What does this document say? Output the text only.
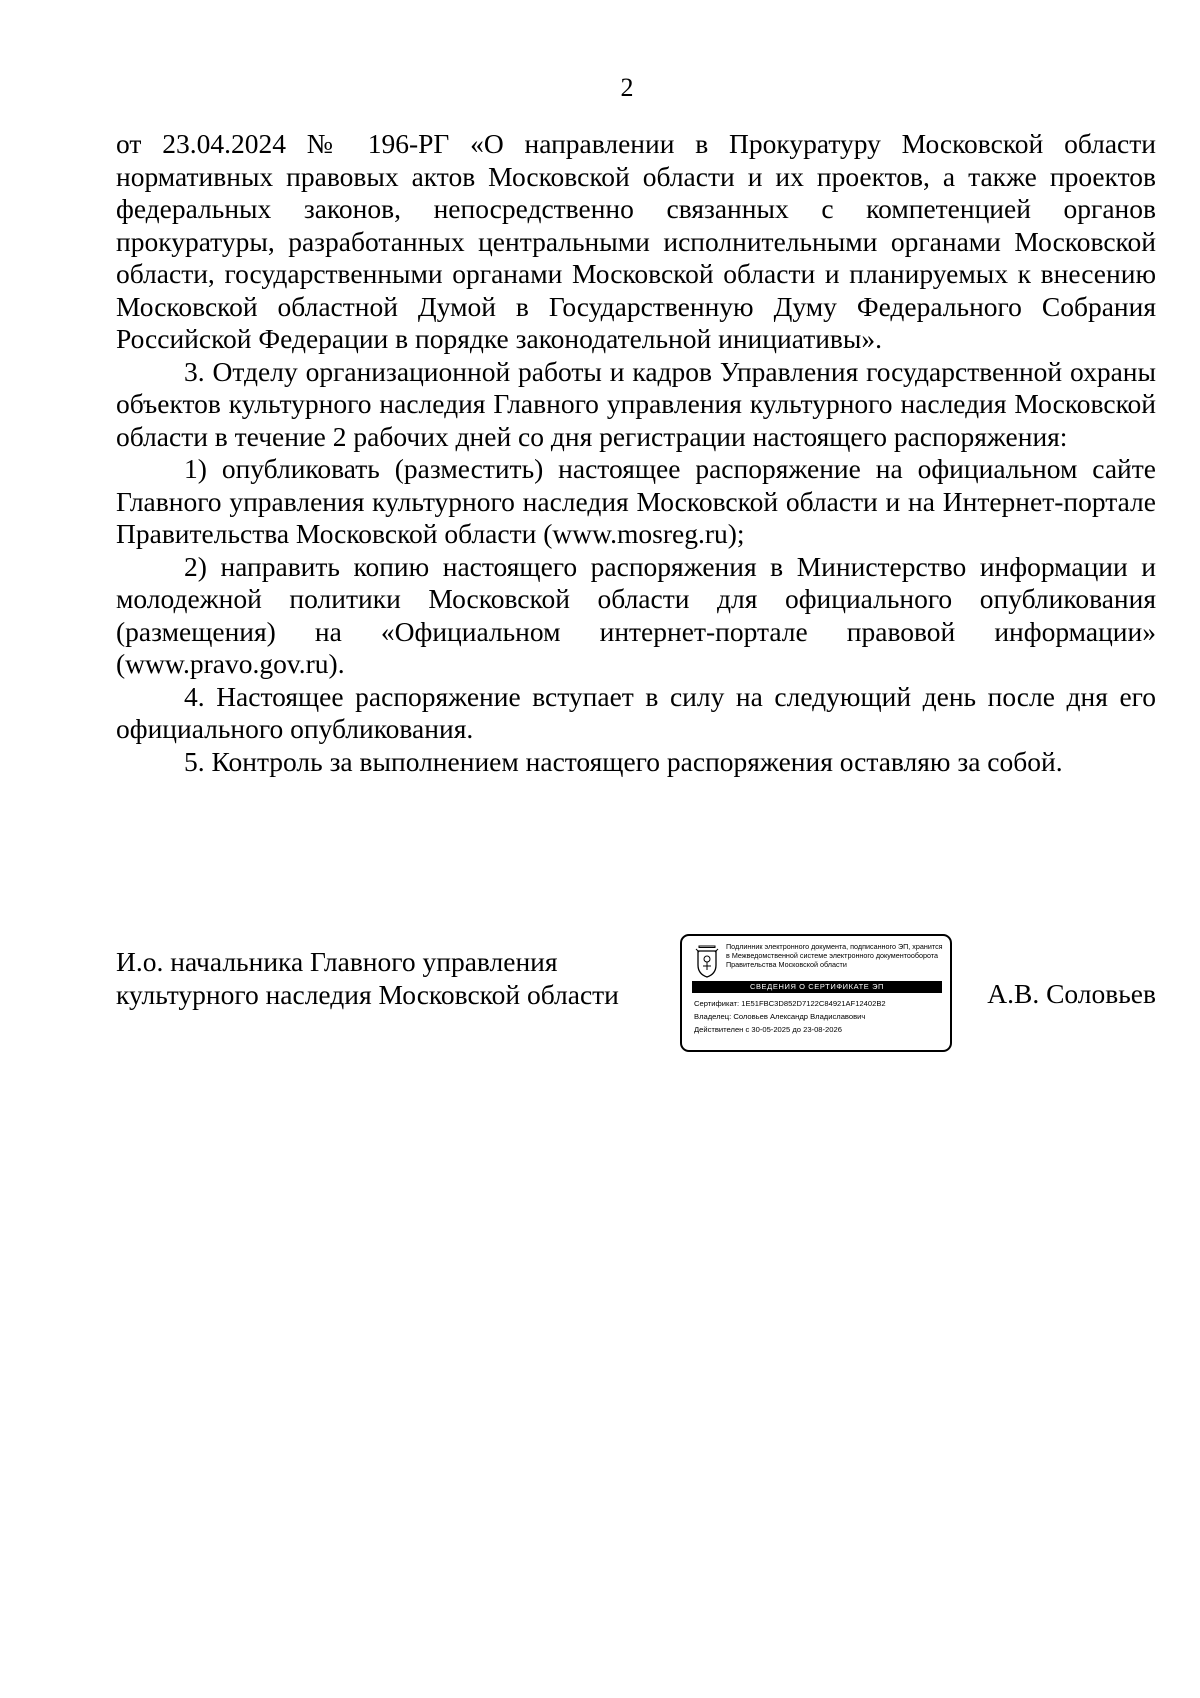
2

от 23.04.2024 № 196-РГ «О направлении в Прокуратуру Московской области нормативных правовых актов Московской области и их проектов, а также проектов федеральных законов, непосредственно связанных с компетенцией органов прокуратуры, разработанных центральными исполнительными органами Московской области, государственными органами Московской области и планируемых к внесению Московской областной Думой в Государственную Думу Федерального Собрания Российской Федерации в порядке законодательной инициативы».

3. Отделу организационной работы и кадров Управления государственной охраны объектов культурного наследия Главного управления культурного наследия Московской области в течение 2 рабочих дней со дня регистрации настоящего распоряжения:

1) опубликовать (разместить) настоящее распоряжение на официальном сайте Главного управления культурного наследия Московской области и на Интернет-портале Правительства Московской области (www.mosreg.ru);

2) направить копию настоящего распоряжения в Министерство информации и молодежной политики Московской области для официального опубликования (размещения) на «Официальном интернет-портале правовой информации» (www.pravo.gov.ru).

4. Настоящее распоряжение вступает в силу на следующий день после дня его официального опубликования.

5. Контроль за выполнением настоящего распоряжения оставляю за собой.

И.о. начальника Главного управления
культурного наследия Московской области
Подлинник электронного документа, подписанного ЭП, хранится в Межведомственной системе электронного документооборота Правительства Московской области
СВЕДЕНИЯ О СЕРТИФИКАТЕ ЭП
Сертификат: 1E51FBC3D852D7122C84921AF12402B2
Владелец: Соловьев Александр Владиславович
Действителен с 30-05-2025 до 23-08-2026
А.В. Соловьев
